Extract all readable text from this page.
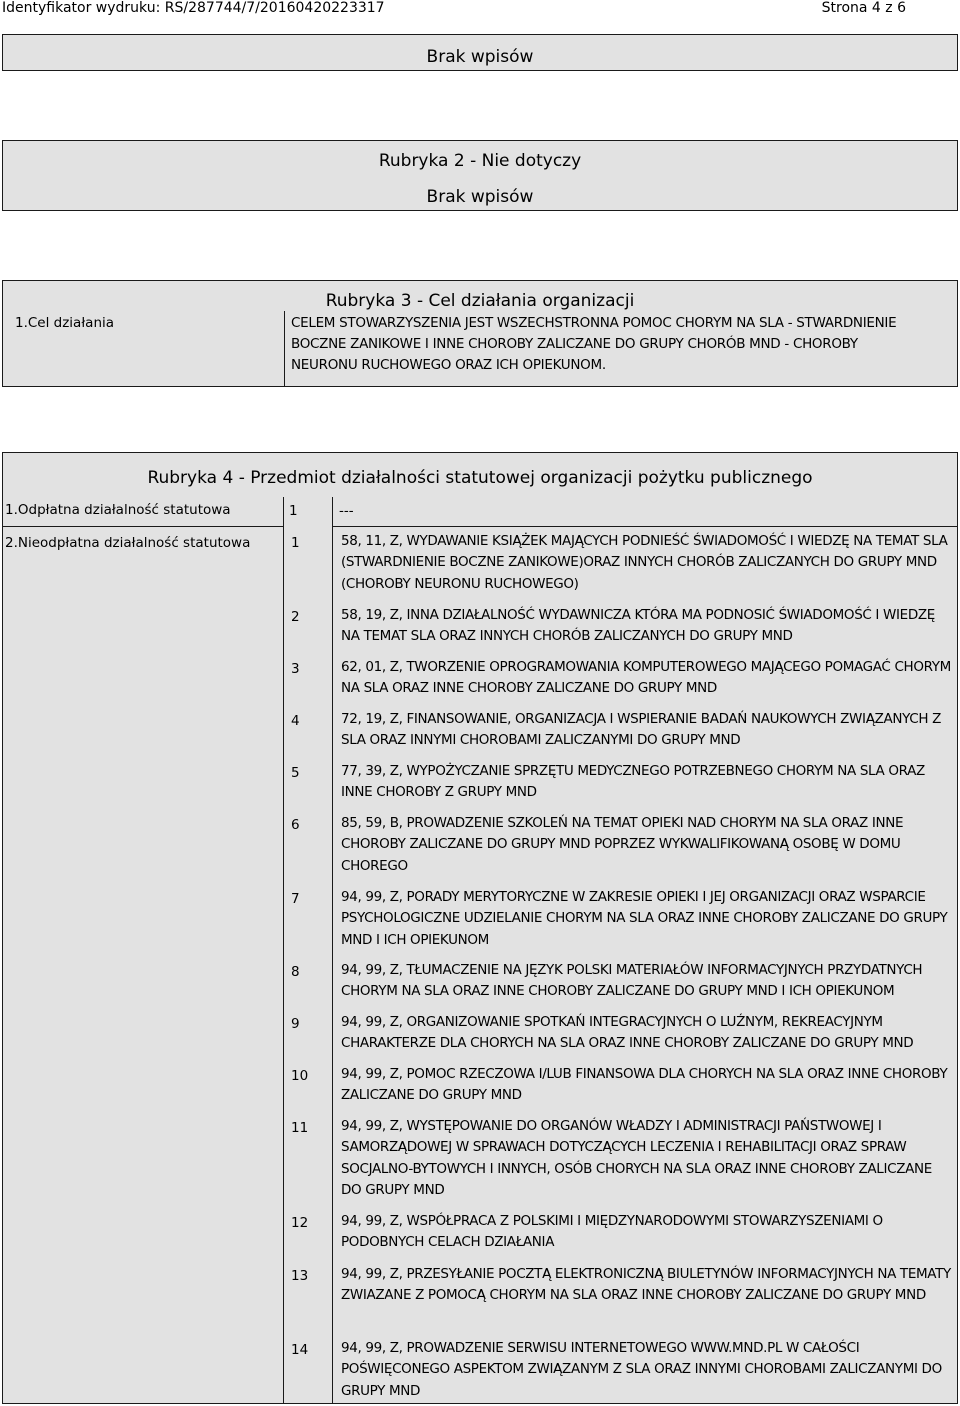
Identyfikator wydruku: RS/287744/7/20160420223317	Strona 4 z 6
Brak wpisów
Rubryka 2 - Nie dotyczy
Brak wpisów
Rubryka 3 - Cel działania organizacji
1.Cel działania	CELEM STOWARZYSZENIA JEST WSZECHSTRONNA POMOC CHORYM NA SLA - STWARDNIENIE BOCZNE ZANIKOWE I INNE CHOROBY ZALICZANE DO GRUPY CHORÓB MND - CHOROBY NEURONU RUCHOWEGO ORAZ ICH OPIEKUNOM.
Rubryka 4 - Przedmiot działalności statutowej organizacji pożytku publicznego
1.Odpłatna działalność statutowa	1	---
2.Nieodpłatna działalność statutowa	1	58, 11, Z, WYDAWANIE KSIĄŻEK MAJĄCYCH PODNIEŚĆ ŚWIADOMOŚĆ I WIEDZĘ NA TEMAT SLA (STWARDNIENIE BOCZNE ZANIKOWE)ORAZ INNYCH CHORÓB ZALICZANYCH DO GRUPY MND (CHOROBY NEURONU RUCHOWEGO)
2	58, 19, Z, INNA DZIAŁALNOŚĆ WYDAWNICZA KTÓRA MA PODNOSIĆ ŚWIADOMOŚĆ I WIEDZĘ NA TEMAT SLA ORAZ INNYCH CHORÓB ZALICZANYCH DO GRUPY MND
3	62, 01, Z, TWORZENIE OPROGRAMOWANIA KOMPUTEROWEGO MAJĄCEGO POMAGAĆ CHORYM NA SLA ORAZ INNE CHOROBY ZALICZANE DO GRUPY MND
4	72, 19, Z, FINANSOWANIE, ORGANIZACJA I WSPIERANIE BADAŃ NAUKOWYCH ZWIĄZANYCH Z SLA ORAZ INNYMI CHOROBAMI ZALICZANYMI DO GRUPY MND
5	77, 39, Z, WYPOŻYCZANIE SPRZĘTU MEDYCZNEGO POTRZEBNEGO CHORYM NA SLA ORAZ INNE CHOROBY Z GRUPY MND
6	85, 59, B, PROWADZENIE SZKOLEŃ NA TEMAT OPIEKI NAD CHORYM NA SLA ORAZ INNE CHOROBY ZALICZANE DO GRUPY MND POPRZEZ WYKWALIFIKOWANĄ OSOBĘ W DOMU CHOREGO
7	94, 99, Z, PORADY MERYTORYCZNE W ZAKRESIE OPIEKI I JEJ ORGANIZACJI ORAZ WSPARCIE PSYCHOLOGICZNE UDZIELANIE CHORYM NA SLA ORAZ INNE CHOROBY ZALICZANE DO GRUPY MND I ICH OPIEKUNOM
8	94, 99, Z, TŁUMACZENIE NA JĘZYK POLSKI MATERIAŁÓW INFORMACYJNYCH PRZYDATNYCH CHORYM NA SLA ORAZ INNE CHOROBY ZALICZANE DO GRUPY MND I ICH OPIEKUNOM
9	94, 99, Z, ORGANIZOWANIE SPOTKAŃ INTEGRACYJNYCH O LUŹNYM, REKREACYJNYM CHARAKTERZE DLA CHORYCH NA SLA ORAZ INNE CHOROBY ZALICZANE DO GRUPY MND
10 94, 99, Z, POMOC RZECZOWA I/LUB FINANSOWA DLA CHORYCH NA SLA ORAZ INNE CHOROBY ZALICZANE DO GRUPY MND
11 94, 99, Z, WYSTĘPOWANIE DO ORGANÓW WŁADZY I ADMINISTRACJI PAŃSTWOWEJ I SAMORZĄDOWEJ W SPRAWACH DOTYCZĄCYCH LECZENIA I REHABILITACJI ORAZ SPRAW SOCJALNO-BYTOWYCH I INNYCH, OSÓB CHORYCH NA SLA ORAZ INNE CHOROBY ZALICZANE DO GRUPY MND
12 94, 99, Z, WSPÓŁPRACA Z POLSKIMI I MIĘDZYNARODOWYMI STOWARZYSZENIAMI O PODOBNYCH CELACH DZIAŁANIA
13 94, 99, Z, PRZESYŁANIE POCZTĄ ELEKTRONICZNĄ BIULETYNÓW INFORMACYJNYCH NA TEMATY ZWIAZANE Z POMOCĄ CHORYM NA SLA ORAZ INNE CHOROBY ZALICZANE DO GRUPY MND
14 94, 99, Z, PROWADZENIE SERWISU INTERNETOWEGO WWW.MND.PL W CAŁOŚCI POŚWIĘCONEGO ASPEKTOM ZWIĄZANYM Z SLA ORAZ INNYMI CHOROBAMI ZALICZANYMI DO GRUPY MND
